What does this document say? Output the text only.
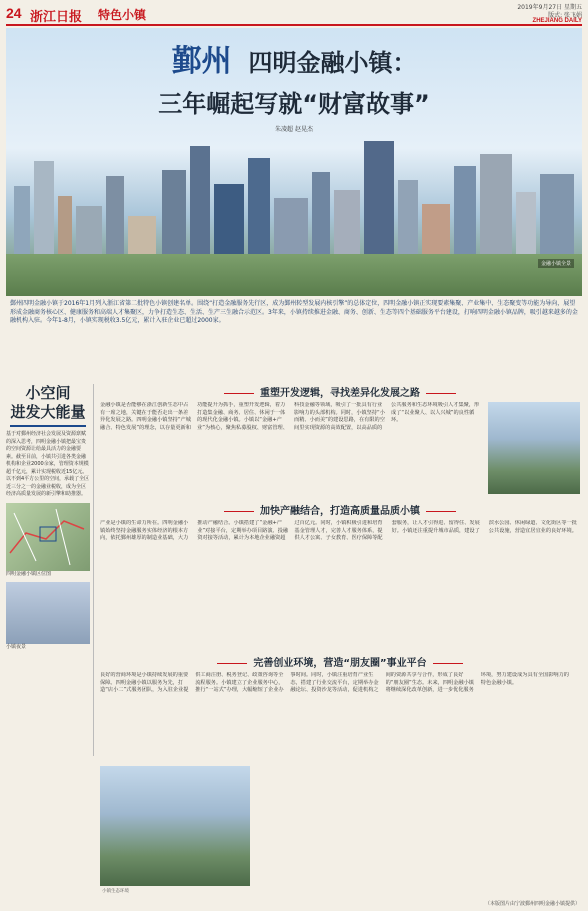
24 浙江日报 特色小镇
2019年9月27日 星期五
版式: 张飞娟
ZHEJIANG DAILY
鄞州 四明金融小镇：
三年崛起写就“财富故事”
朱凌超 赵晃杰
金融小镇全景
鄞州四明金融小镇于2016年1月列入浙江省第二批特色小镇创建名单。围绕“打造金融服务先行区，成为鄞州转型发展内核引擎”的总体定位，四明金融小镇正实现要素集聚、产业集中、生态聚变等功能为导向，展望形成金融商务核心区、健康服务和高端人才集聚区，力争打造生态、生活、生产三生融合示范区。3年来，小镇持续推进金融、商务、创新、生态等四个基础服务平台建设，打响四明金融小镇品牌，吸引越来越多的金融机构入驻。今年1-8月，小镇实现税收3.5亿元，累计入驻企业已超过2000家。
小空间
进发大能量
基于对鄞州经济社会发展及资源禀赋的深入思考，四明金融小镇把最宝贵的空间资源让给最具活力的金融要素。截至目前，小镇共引进各类金融机构和企业2000余家，管理资本规模超千亿元，累计实现税收近15亿元。以不到4平方公里的空间，承载了全区近三分之一的金融业税收，成为全区经济高质量发展的新引擎和助推器。
四明金融小镇区位图
小镇夜景
重塑开发逻辑，寻找差异化发展之路
金融小镇是否能够在浙江创新生态中占有一席之地，关键在于能否走出一条差异化发展之路。四明金融小镇坚持“产城融合、特色发展”的理念，以存量更新和功能提升为抓手，重塑开发逻辑，着力打造集金融、商务、居住、休闲于一体的现代化金融小镇。小镇以“金融+产业”为核心，聚焦私募股权、财富管理、科技金融等领域，吸引了一批具有行业影响力的头部机构。同时，小镇坚持“小而精、小而美”的建设思路，在有限的空间里实现资源的高效配置，以高品质的公共服务和生态环境吸引人才集聚，形成了“以业聚人、以人兴城”的良性循环。
加快产融结合，打造高质量品质小镇
产业是小镇的生命力所在。四明金融小镇始终坚持金融服务实体经济的根本方向，依托鄞州雄厚的制造业基础，大力推动产融结合。小镇搭建了“金融+产业”对接平台，定期举办项目路演、投融资对接等活动，累计为本地企业融资超过百亿元。同时，小镇积极引进和培育基金管理人才，完善人才服务体系，提供人才公寓、子女教育、医疗保障等配套服务，让人才引得进、留得住、发展好。小镇还注重提升城市品质，建设了滨水公园、休闲绿道、文化街区等一批公共设施，营造宜居宜业的良好环境。
完善创业环境，营造“朋友圈”事业平台
良好的营商环境是小镇持续发展的重要保障。四明金融小镇以服务为先，打造“店小二”式服务团队，为入驻企业提供工商注册、税务登记、政策咨询等全流程服务。小镇建立了企业服务中心，推行“一站式”办理，大幅缩短了企业办事时间。同时，小镇注重培育产业生态，搭建了行业交流平台，定期举办金融论坛、投资沙龙等活动，促进机构之间的资源共享与合作，形成了良好的“朋友圈”生态。未来，四明金融小镇将继续深化改革创新，进一步优化服务环境，努力建设成为具有全国影响力的特色金融小镇。
小镇生态环境
（本版图片由宁波鄞州四明金融小镇提供）
